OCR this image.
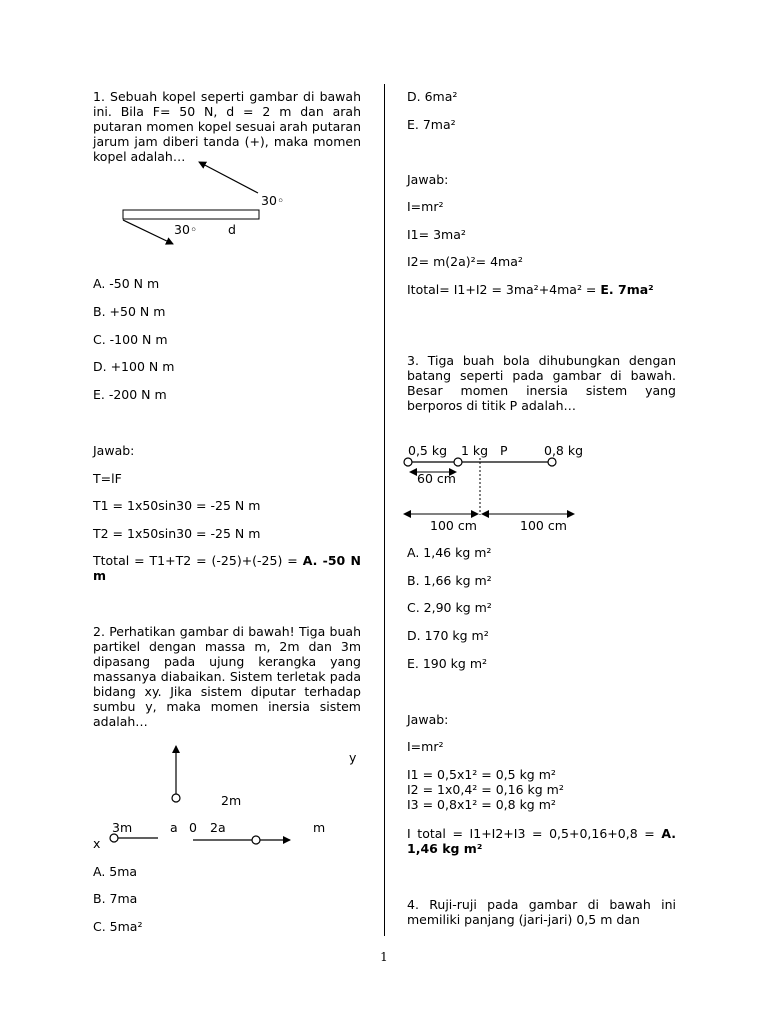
1. Sebuah kopel seperti gambar di bawah ini. Bila F= 50 N, d = 2 m dan arah putaran momen kopel sesuai arah putaran jarum jam diberi tanda (+), maka momen kopel adalah…
30◦
30◦ d
A. -50 N m
B. +50 N m
C. -100 N m
D. +100 N m
E. -200 N m
Jawab:
T=lF
T1 = 1x50sin30 = -25 N m
T2 = 1x50sin30 = -25 N m
Ttotal = T1+T2 = (-25)+(-25) = A. -50 N m
2. Perhatikan gambar di bawah! Tiga buah partikel dengan massa m, 2m dan 3m dipasang pada ujung kerangka yang massanya diabaikan. Sistem terletak pada bidang xy. Jika sistem diputar terhadap sumbu y, maka momen inersia sistem adalah…
y
2m
3m	a 0 2a	m
x
A. 5ma
B. 7ma
C. 5ma²
D. 6ma²
E. 7ma²
Jawab:
I=mr²
I1= 3ma²
I2= m(2a)²= 4ma²
Itotal= I1+I2 = 3ma²+4ma² = E. 7ma²
3. Tiga buah bola dihubungkan dengan batang seperti pada gambar di bawah. Besar momen inersia sistem yang berporos di titik P adalah…
0,5 kg 1 kg P	0,8 kg
60 cm
100 cm	100 cm
A. 1,46 kg m²
B. 1,66 kg m²
C. 2,90 kg m²
D. 170 kg m²
E. 190 kg m²
Jawab:
I=mr²
I1 = 0,5x1² = 0,5 kg m²
I2 = 1x0,4² = 0,16 kg m²
I3 = 0,8x1² = 0,8 kg m²
I total = I1+I2+I3 = 0,5+0,16+0,8 = A. 1,46 kg m²
4. Ruji-ruji pada gambar di bawah ini memiliki panjang (jari-jari) 0,5 m dan
1
